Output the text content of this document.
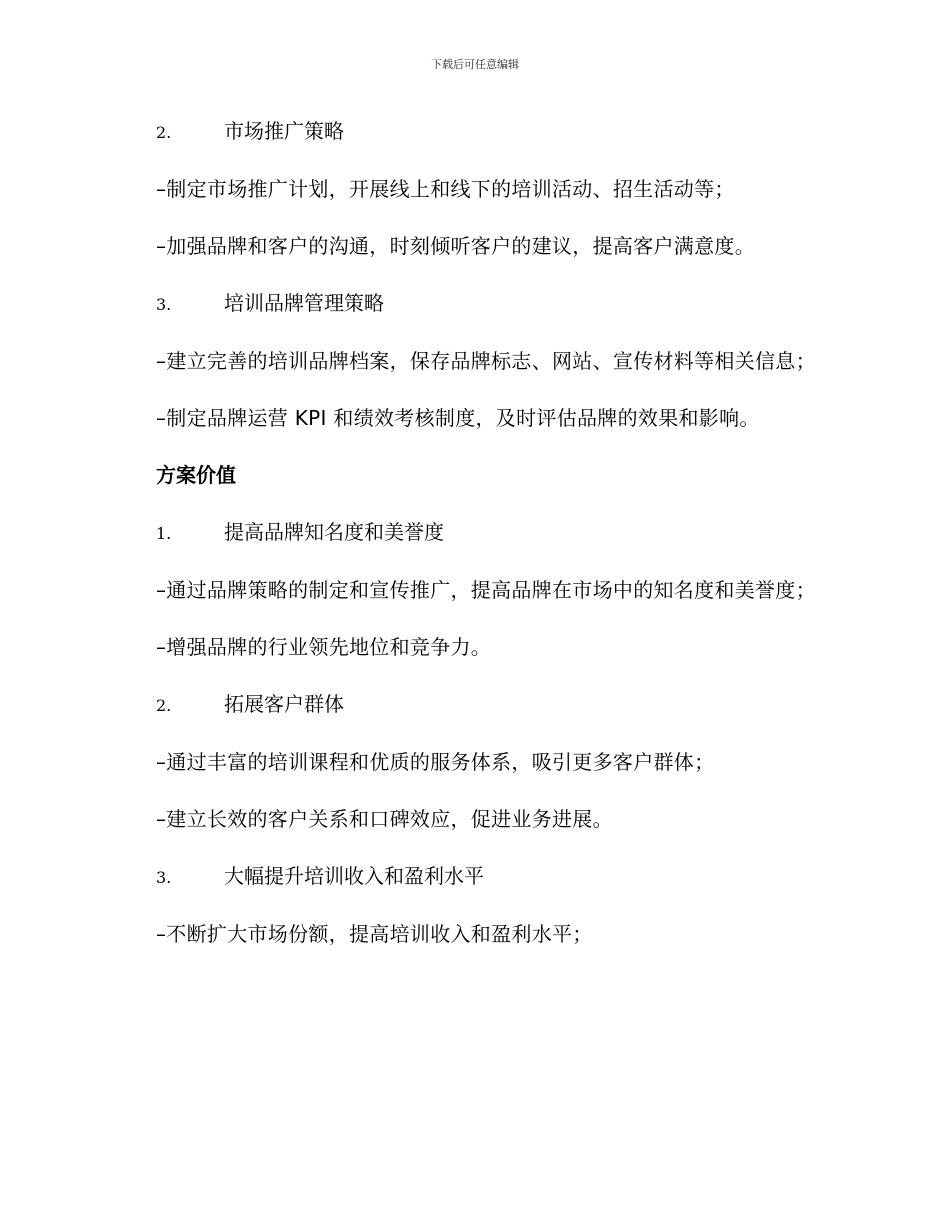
下载后可任意编辑
2.	市场推广策略

–制定市场推广计划，开展线上和线下的培训活动、招生活动等；

–加强品牌和客户的沟通，时刻倾听客户的建议，提高客户满意度。

3.	培训品牌管理策略

–建立完善的培训品牌档案，保存品牌标志、网站、宣传材料等相关信息；

–制定品牌运营 KPI 和绩效考核制度，及时评估品牌的效果和影响。

方案价值
1.	提高品牌知名度和美誉度

–通过品牌策略的制定和宣传推广，提高品牌在市场中的知名度和美誉度；

–增强品牌的行业领先地位和竞争力。

2.	拓展客户群体

–通过丰富的培训课程和优质的服务体系，吸引更多客户群体；

–建立长效的客户关系和口碑效应，促进业务进展。

3.	大幅提升培训收入和盈利水平

–不断扩大市场份额，提高培训收入和盈利水平；
